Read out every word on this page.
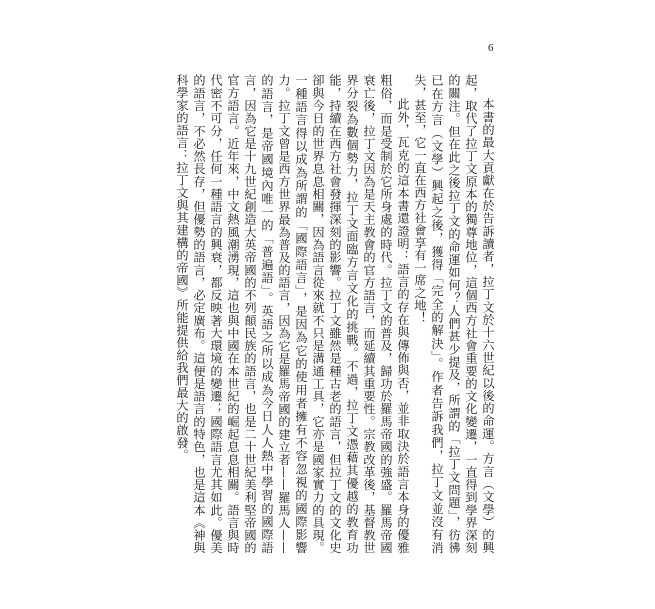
6

本書的最大貢獻在於告訴讀者，拉丁文於十六世紀以後的命運。方言（文學）的興起，取代了拉丁文原本的獨尊地位，這個西方社會重要的文化變遷，一直得到學界深刻的關注。但在此之後拉丁文的命運如何？人們甚少提及，所謂的「拉丁文問題」，彷彿已在方言（文學）興起之後，獲得「完全的解決」。作者告訴我們，拉丁文並沒有消失，甚至，它一直在西方社會享有一席之地！

此外，瓦克的這本書還證明：語言的存在與傳佈與否，並非取決於語言本身的優雅粗俗，而是受制於它所身處的時代。拉丁文的普及，歸功於羅馬帝國的強盛。羅馬帝國衰亡後，拉丁文因為是天主教會的官方語言，而延續其重要性。宗教改革後，基督教世界分裂為數個勢力，拉丁文面臨方言文化的挑戰。不過，拉丁文憑藉其優越的教育功能，持續在西方社會發揮深刻的影響。拉丁文雖然是種古老的語言，但拉丁文的文化史卻與今日的世界息息相關，因為語言從來就不只是溝通工具，它亦是國家實力的具現。一種語言得以成為所謂的「國際語言」，是因為它的使用者擁有不容忽視的國際影響力。拉丁文曾是西方世界最為普及的語言，因為它是羅馬帝國的建立者——羅馬人——的語言，是帝國境內唯一的「普遍語」。英語之所以成為今日人人熱中學習的國際語言，因為它是十九世紀創造大英帝國的不列顛民族的語言，也是二十世紀美利堅帝國的官方語言。近年來，中文熱風潮湧現，這也與中國在本世紀的崛起息息相關。語言與時代密不可分，任何一種語言的興衰，都反映著大環境的變遷；國際語言尤其如此。優美的語言，不必然長存，但優勢的語言，必定廣布。這便是語言的特色，也是這本《神與科學家的語言：拉丁文與其建構的帝國》所能提供給我們最大的啟發。
